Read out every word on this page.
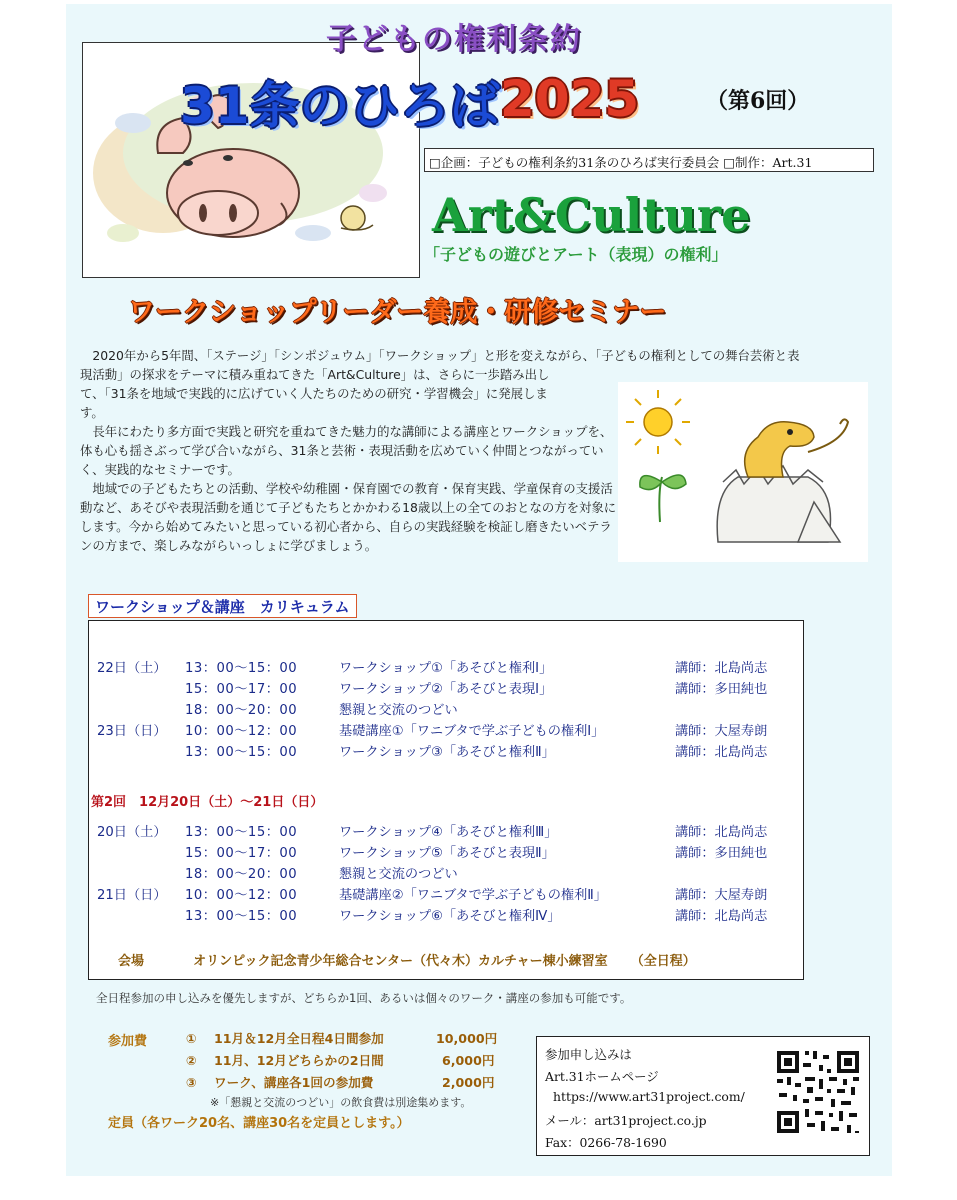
子どもの権利条約
31条のひろば 2025	（第6回）
□企画：子どもの権利条約31条のひろば実行委員会 □制作：Art.31
Art&Culture
「子どもの遊びとアート（表現）の権利」
ワークショップリーダー養成・研修セミナー
2020年から5年間、「ステージ」「シンポジュウム」「ワークショップ」と形を変えながら、「子どもの権利としての舞台芸術と表
現活動」の探求をテーマに積み重ねてきた「Art&Culture」は、さらに一歩踏み出し
て、「31条を地域で実践的に広げていく人たちのための研究・学習機会」に発展しま
す。

長年にわたり多方面で実践と研究を重ねてきた魅力的な講師による講座とワークショップを、体も心も揺さぶって学び合いながら、31条と芸術・表現活動を広めていく仲間とつながっていく、実践的なセミナーです。

地域での子どもたちとの活動、学校や幼稚園・保育園での教育・保育実践、学童保育の支援活動など、あそびや表現活動を通じて子どもたちとかかわる18歳以上の全てのおとなの方を対象にします。今から始めてみたいと思っている初心者から、自らの実践経験を検証し磨きたいベテランの方まで、楽しみながらいっしょに学びましょう。

ワークショップ＆講座　カリキュラム
22日（土） 13：00～15：00	ワークショップ①「あそびと権利Ⅰ」	講師：北島尚志
15：00～17：00	ワークショップ②「あそびと表現Ⅰ」	講師：多田純也
18：00～20：00	懇親と交流のつどい
23日（日） 10：00～12：00	基礎講座①「ワニブタで学ぶ子どもの権利Ⅰ」	講師：大屋寿朗
13：00～15：00	ワークショップ③「あそびと権利Ⅱ」	講師：北島尚志
第2回　12月20日（土）～21日（日）
20日（土） 13：00～15：00	ワークショップ④「あそびと権利Ⅲ」	講師：北島尚志
15：00～17：00	ワークショップ⑤「あそびと表現Ⅱ」	講師：多田純也
18：00～20：00	懇親と交流のつどい
21日（日） 10：00～12：00	基礎講座②「ワニブタで学ぶ子どもの権利Ⅱ」	講師：大屋寿朗
13：00～15：00	ワークショップ⑥「あそびと権利Ⅳ」	講師：北島尚志
会場	オリンピック記念青少年総合センター（代々木）カルチャー棟小練習室 （全日程）
全日程参加の申し込みを優先しますが、どちらか1回、あるいは個々のワーク・講座の参加も可能です。
参加費	① 11月＆12月全日程4日間参加	10,000円
② 11月、12月どちらかの2日間	6,000円
③ ワーク、講座各1回の参加費	2,000円
※「懇親と交流のつどい」の飲食費は別途集めます。
定員（各ワーク20名、講座30名を定員とします。）
参加申し込みは
Art.31ホームページ
https://www.art31project.com/
メール：art31project.co.jp
Fax：0266-78-1690
